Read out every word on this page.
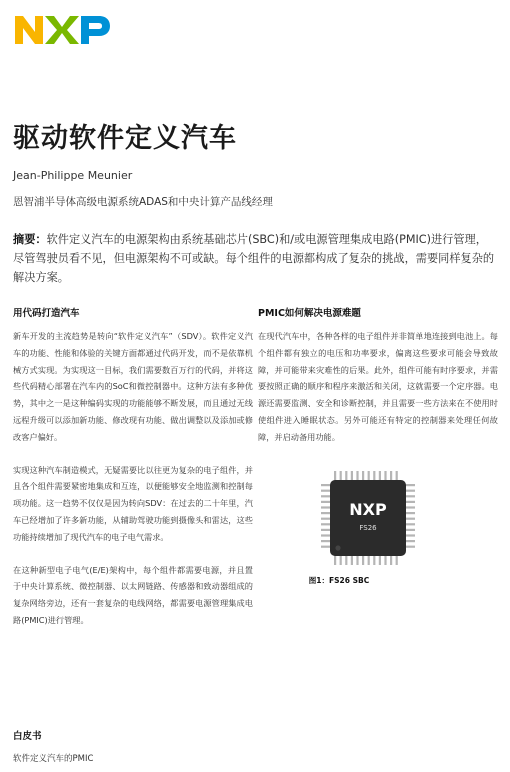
驱动软件定义汽车
Jean-Philippe Meunier
恩智浦半导体高级电源系统ADAS和中央计算产品线经理

摘要：软件定义汽车的电源架构由系统基础芯片(SBC)和/或电源管理集成电路(PMIC)进行管理，尽管驾驶员看不见，但电源架构不可或缺。每个组件的电源都构成了复杂的挑战，需要同样复杂的解决方案。

用代码打造汽车

新车开发的主流趋势是转向“软件定义汽车”（SDV）。软件定义汽车的功能、性能和体验的关键方面都通过代码开发，而不是依靠机械方式实现。为实现这一目标，我们需要数百万行的代码，并将这些代码精心部署在汽车内的SoC和微控制器中。这种方法有多种优势，其中之一是这种编码实现的功能能够不断发展，而且通过无线远程升级可以添加新功能、修改现有功能、做出调整以及添加或修改客户偏好。

实现这种汽车制造模式，无疑需要比以往更为复杂的电子组件，并且各个组件需要紧密地集成和互连，以便能够安全地监测和控制每项功能。这一趋势不仅仅是因为转向SDV：在过去的二十年里，汽车已经增加了许多新功能，从辅助驾驶功能到摄像头和雷达，这些功能持续增加了现代汽车的电子电气需求。

在这种新型电子电气(E/E)架构中，每个组件都需要电源，并且置于中央计算系统、微控制器、以太网链路、传感器和致动器组成的复杂网络旁边，还有一套复杂的电线网络，都需要电源管理集成电路(PMIC)进行管理。

PMIC如何解决电源难题

在现代汽车中，各种各样的电子组件并非简单地连接到电池上。每个组件都有独立的电压和功率要求，偏离这些要求可能会导致故障，并可能带来灾难性的后果。此外，组件可能有时序要求，并需要按照正确的顺序和程序来激活和关闭，这就需要一个定序器。电源还需要监测、安全和诊断控制，并且需要一些方法来在不使用时使组件进入睡眠状态。另外可能还有特定的控制器来处理任何故障，并启动备用功能。

NXP
FS26
图1：FS26 SBC
白皮书
软件定义汽车的PMIC
